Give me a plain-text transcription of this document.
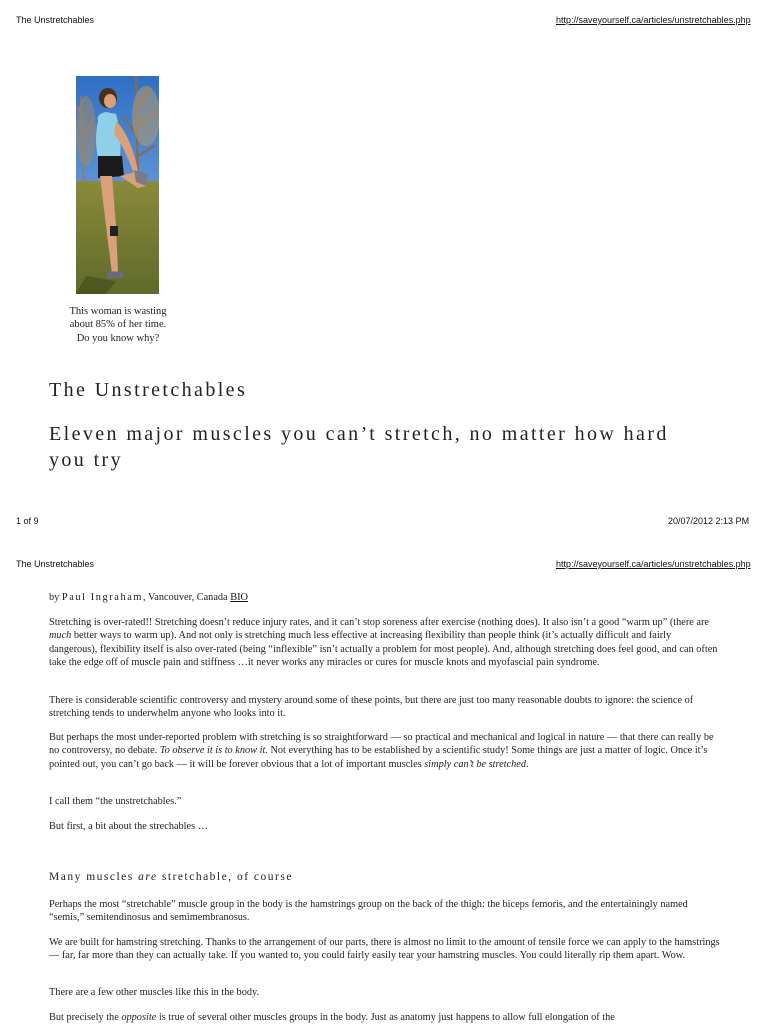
The Unstretchables	http://saveyourself.ca/articles/unstretchables.php
This woman is wasting about 85% of her time. Do you know why?
The Unstretchables
Eleven major muscles you can’t stretch, no matter how hard you try
1 of 9	20/07/2012 2:13 PM
The Unstretchables	http://saveyourself.ca/articles/unstretchables.php
by Paul Ingraham, Vancouver, Canada BIO

Stretching is over-rated!! Stretching doesn’t reduce injury rates, and it can’t stop soreness after exercise (nothing does). It also isn’t a good “warm up” (there are much better ways to warm up). And not only is stretching much less effective at increasing flexibility than people think (it’s actually difficult and fairly dangerous), flexibility itself is also over-rated (being “inflexible” isn’t actually a problem for most people). And, although stretching does feel good, and can often take the edge off of muscle pain and stiffness …it never works any miracles or cures for muscle knots and myofascial pain syndrome.

There is considerable scientific controversy and mystery around some of these points, but there are just too many reasonable doubts to ignore: the science of stretching tends to underwhelm anyone who looks into it.

But perhaps the most under-reported problem with stretching is so straightforward — so practical and mechanical and logical in nature — that there can really be no controversy, no debate. To observe it is to know it. Not everything has to be established by a scientific study! Some things are just a matter of logic. Once it’s pointed out, you can’t go back — it will be forever obvious that a lot of important muscles simply can’t be stretched.

I call them “the unstretchables.”

But first, a bit about the strechables …

Many muscles are stretchable, of course

Perhaps the most “stretchable” muscle group in the body is the hamstrings group on the back of the thigh: the biceps femoris, and the entertainingly named “semis,” semitendinosus and semimembranosus.

We are built for hamstring stretching. Thanks to the arrangement of our parts, there is almost no limit to the amount of tensile force we can apply to the hamstrings — far, far more than they can actually take. If you wanted to, you could fairly easily tear your hamstring muscles. You could literally rip them apart. Wow.

There are a few other muscles like this in the body.

But precisely the opposite is true of several other muscles groups in the body. Just as anatomy just happens to allow full elongation of the
